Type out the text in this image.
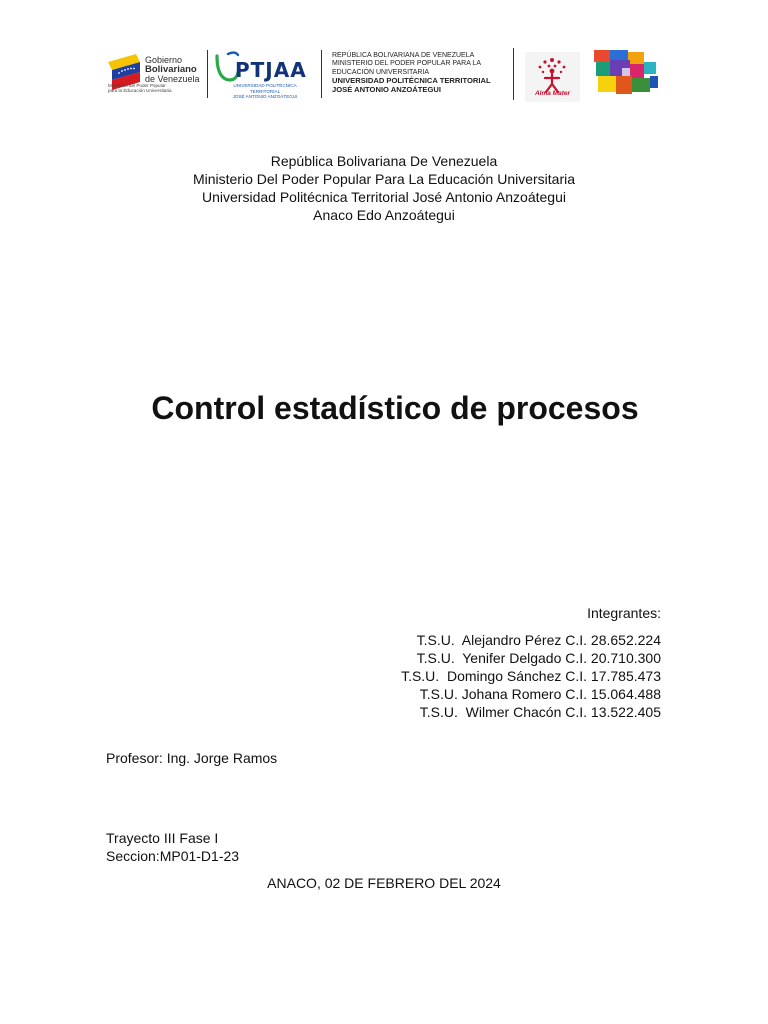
Gobierno
Bolivariano
de Venezuela
Ministerio del Poder Popular
para la Educación Universitaria
PTJAA
UNIVERSIDAD POLITÉCNICA TERRITORIAL
JOSÉ ANTONIO ANZOÁTEGUI
REPÚBLICA BOLIVARIANA DE VENEZUELA
MINISTERIO DEL PODER POPULAR PARA LA
EDUCACIÓN UNIVERSITARIA
UNIVERSIDAD POLITÉCNICA TERRITORIAL
JOSÉ ANTONIO ANZOÁTEGUI	Alma Mater
República Bolivariana De Venezuela
Ministerio Del Poder Popular Para La Educación Universitaria
Universidad Politécnica Territorial José Antonio Anzoátegui
Anaco Edo Anzoátegui
Control estadístico de procesos
Integrantes:
T.S.U.  Alejandro Pérez C.I. 28.652.224
T.S.U.  Yenifer Delgado C.I. 20.710.300
T.S.U.  Domingo Sánchez C.I. 17.785.473
T.S.U. Johana Romero C.I. 15.064.488
T.S.U.  Wilmer Chacón C.I. 13.522.405
Profesor: Ing. Jorge Ramos
Trayecto III Fase I
Seccion:MP01-D1-23
ANACO, 02 DE FEBRERO DEL 2024
